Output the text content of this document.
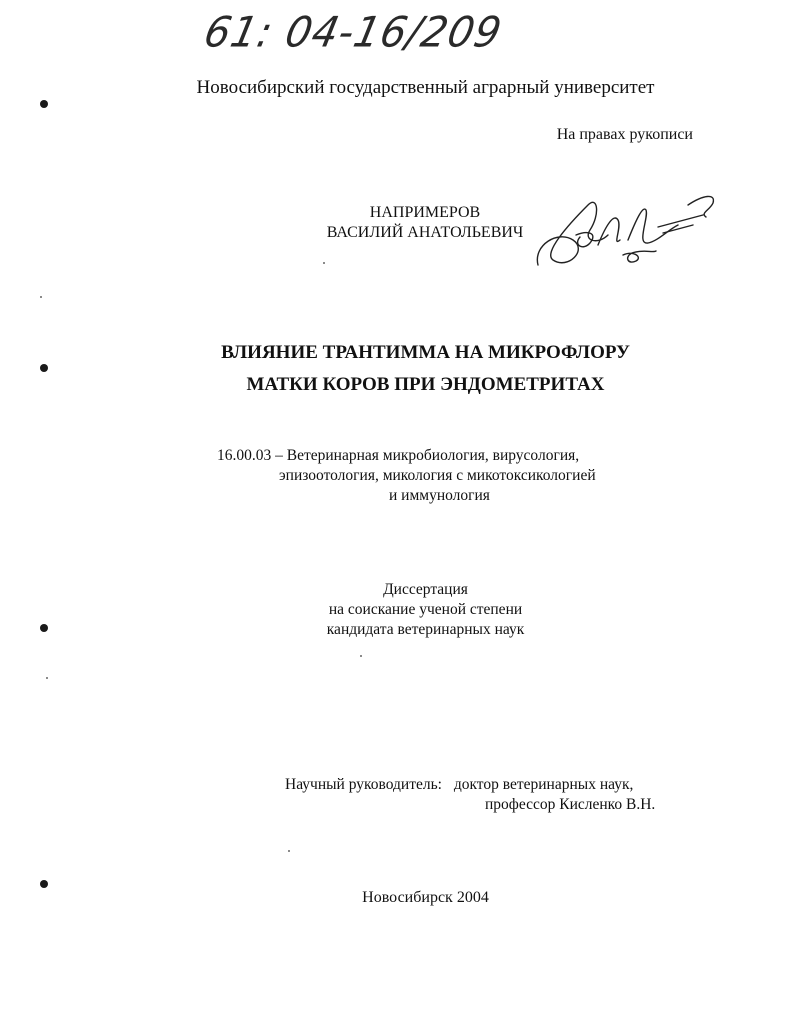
61: 04-16/209
Новосибирский государственный аграрный университет
На правах рукописи
НАПРИМЕРОВ
ВАСИЛИЙ АНАТОЛЬЕВИЧ
ВЛИЯНИЕ ТРАНТИММА НА МИКРОФЛОРУ
МАТКИ КОРОВ ПРИ ЭНДОМЕТРИТАХ
16.00.03 – Ветеринарная микробиология, вирусология,
эпизоотология, микология с микотоксикологией
и иммунология
Диссертация
на соискание ученой степени
кандидата ветеринарных наук
Научный руководитель: доктор ветеринарных наук,
профессор Кисленко В.Н.
Новосибирск 2004
